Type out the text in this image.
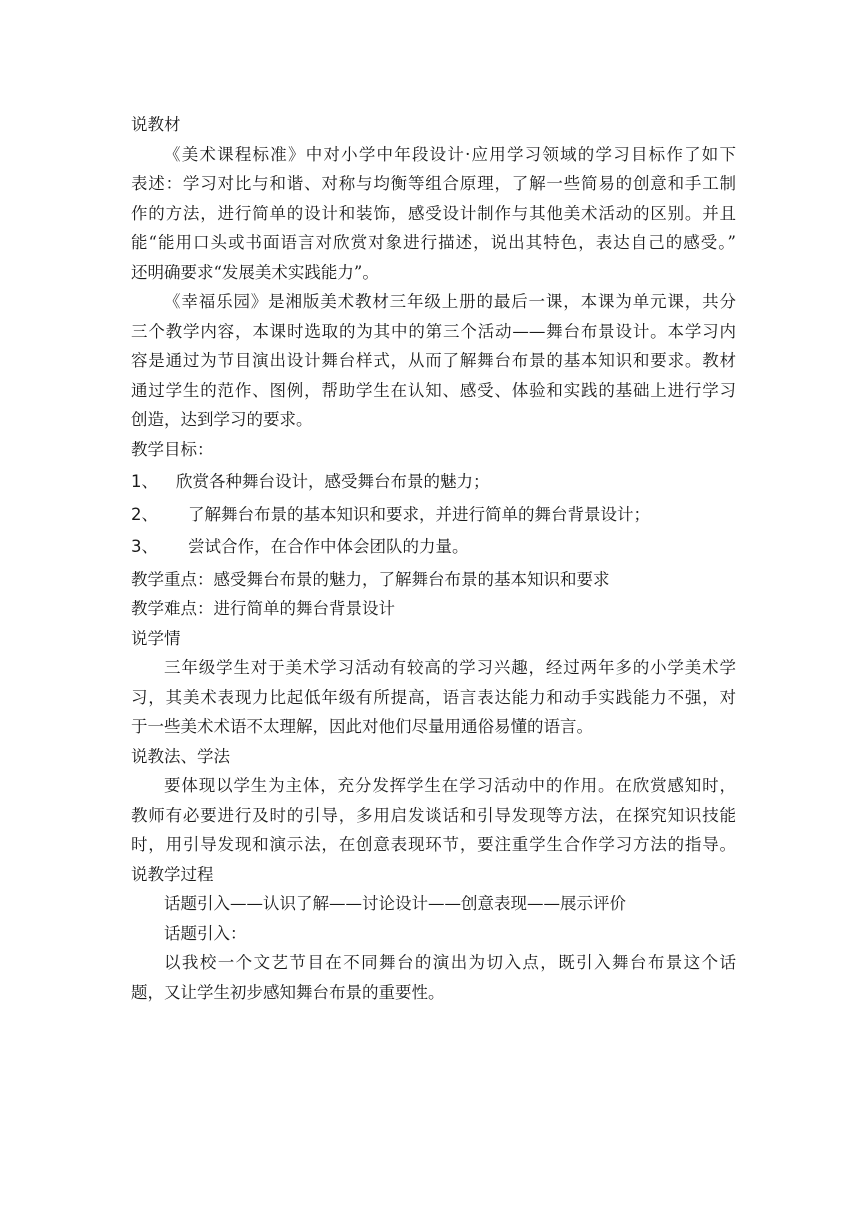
说教材
《美术课程标准》中对小学中年段设计·应用学习领域的学习目标作了如下
表述：学习对比与和谐、对称与均衡等组合原理，了解一些简易的创意和手工制
作的方法，进行简单的设计和装饰，感受设计制作与其他美术活动的区别。并且
能“能用口头或书面语言对欣赏对象进行描述，说出其特色，表达自己的感受。”
还明确要求“发展美术实践能力”。
《幸福乐园》是湘版美术教材三年级上册的最后一课，本课为单元课，共分
三个教学内容，本课时选取的为其中的第三个活动——舞台布景设计。本学习内
容是通过为节目演出设计舞台样式，从而了解舞台布景的基本知识和要求。教材
通过学生的范作、图例，帮助学生在认知、感受、体验和实践的基础上进行学习
创造，达到学习的要求。
教学目标：
1、 欣赏各种舞台设计，感受舞台布景的魅力；
2、 了解舞台布景的基本知识和要求，并进行简单的舞台背景设计；
3、 尝试合作，在合作中体会团队的力量。
教学重点：感受舞台布景的魅力，了解舞台布景的基本知识和要求
教学难点：进行简单的舞台背景设计
说学情
三年级学生对于美术学习活动有较高的学习兴趣，经过两年多的小学美术学
习，其美术表现力比起低年级有所提高，语言表达能力和动手实践能力不强，对
于一些美术术语不太理解，因此对他们尽量用通俗易懂的语言。
说教法、学法
要体现以学生为主体，充分发挥学生在学习活动中的作用。在欣赏感知时，
教师有必要进行及时的引导，多用启发谈话和引导发现等方法，在探究知识技能
时，用引导发现和演示法，在创意表现环节，要注重学生合作学习方法的指导。
说教学过程
话题引入——认识了解——讨论设计——创意表现——展示评价
话题引入：
以我校一个文艺节目在不同舞台的演出为切入点，既引入舞台布景这个话
题，又让学生初步感知舞台布景的重要性。
